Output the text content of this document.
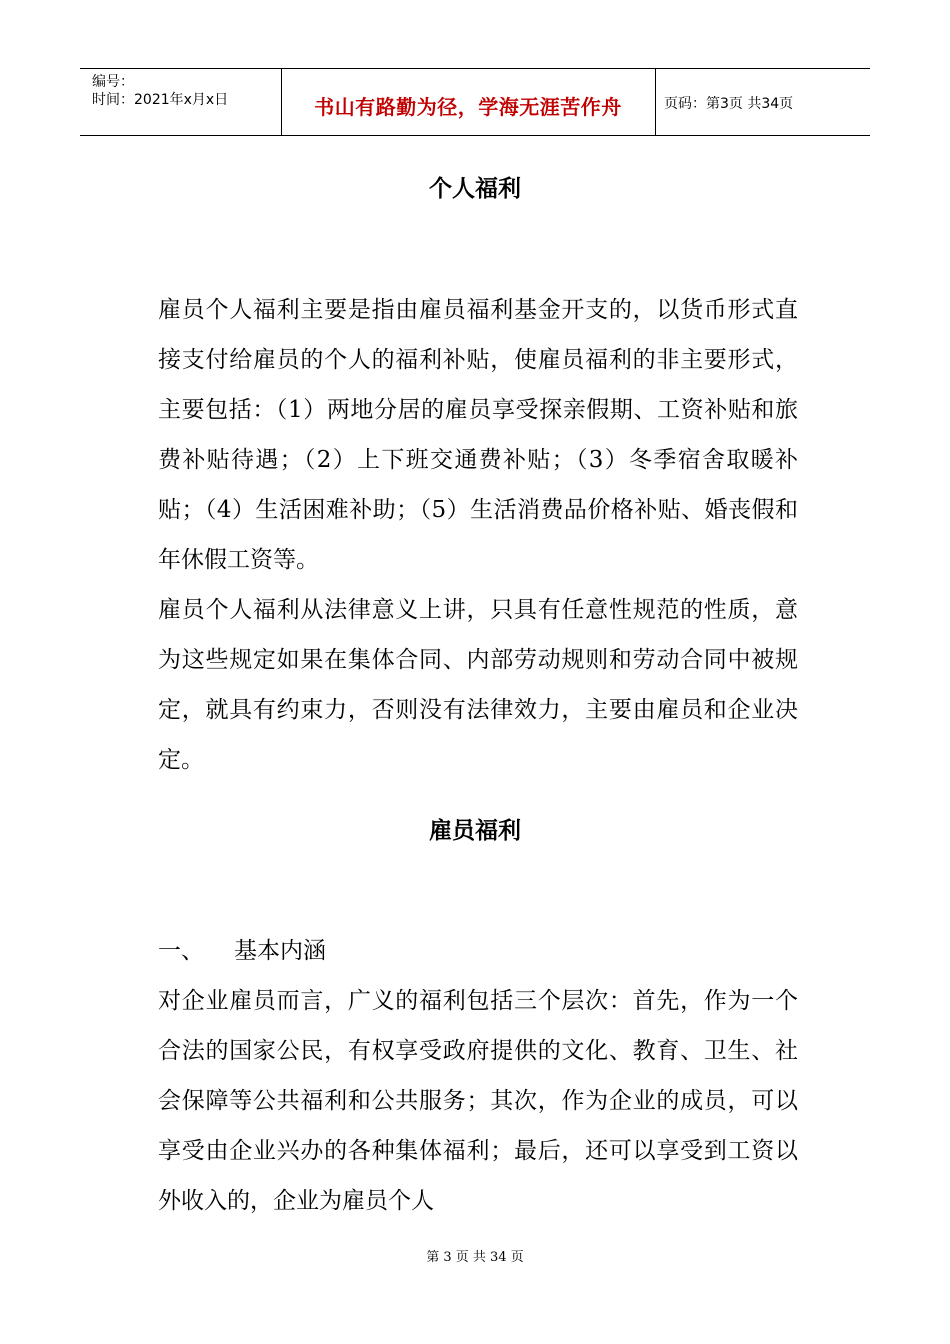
编号：
时间：2021年x月x日	书山有路勤为径，学海无涯苦作舟	页码：第3页 共34页
个人福利
雇员个人福利主要是指由雇员福利基金开支的，以货币形式直接支付给雇员的个人的福利补贴，使雇员福利的非主要形式，主要包括：（1）两地分居的雇员享受探亲假期、工资补贴和旅费补贴待遇；（2）上下班交通费补贴；（3）冬季宿舍取暖补贴；（4）生活困难补助；（5）生活消费品价格补贴、婚丧假和年休假工资等。
雇员个人福利从法律意义上讲，只具有任意性规范的性质，意为这些规定如果在集体合同、内部劳动规则和劳动合同中被规定，就具有约束力，否则没有法律效力，主要由雇员和企业决定。
雇员福利
一、 基本内涵
对企业雇员而言，广义的福利包括三个层次：首先，作为一个合法的国家公民，有权享受政府提供的文化、教育、卫生、社会保障等公共福利和公共服务；其次，作为企业的成员，可以享受由企业兴办的各种集体福利；最后，还可以享受到工资以外收入的，企业为雇员个人
第 3 页 共 34 页
